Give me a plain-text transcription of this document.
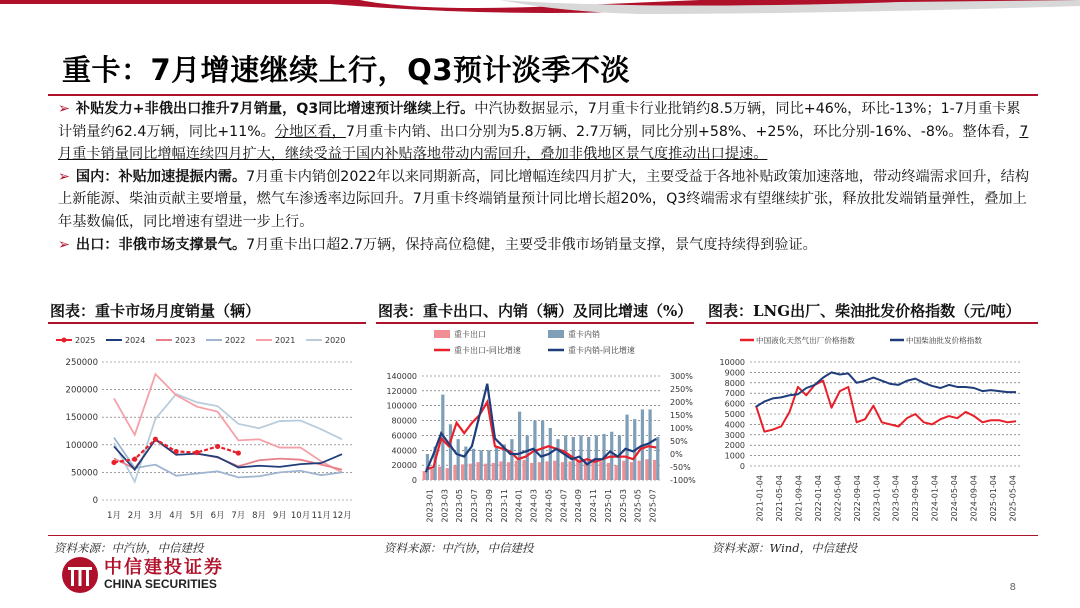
重卡：7月增速继续上行，Q3预计淡季不淡

➢ 补贴发力+非俄出口推升7月销量，Q3同比增速预计继续上行。中汽协数据显示，7月重卡行业批销约8.5万辆，同比+46%，环比-13%；1-7月重卡累计销量约62.4万辆，同比+11%。分地区看，7月重卡内销、出口分别为5.8万辆、2.7万辆，同比分别+58%、+25%，环比分别-16%、-8%。整体看，7月重卡销量同比增幅连续四月扩大，继续受益于国内补贴落地带动内需回升，叠加非俄地区景气度推动出口提速。

➢ 国内：补贴加速提振内需。7月重卡内销创2022年以来同期新高，同比增幅连续四月扩大，主要受益于各地补贴政策加速落地，带动终端需求回升，结构上新能源、柴油贡献主要增量，燃气车渗透率边际回升。7月重卡终端销量预计同比增长超20%，Q3终端需求有望继续扩张，释放批发端销量弹性，叠加上年基数偏低，同比增速有望进一步上行。

➢ 出口：非俄市场支撑景气。7月重卡出口超2.7万辆，保持高位稳健，主要受非俄市场销量支撑，景气度持续得到验证。

图表：重卡市场月度销量（辆）	图表：重卡出口、内销（辆）及同比增速（%） 图表：LNG出厂、柴油批发价格指数（元/吨）
2025	2024	2023	2022	2021	2020
0
50000
100000
150000
200000
250000
1月 2月 3月 4月 5月 6月 7月 8月 9月 10月 11月 12月
重卡出口	重卡内销
重卡出口-同比增速	重卡内销-同比增速
0
20000
40000
60000
80000
100000
120000
140000
-100%
-50%
0%
50%
100%
150%
200%
250%
300%
2023-01 2023-03 2023-05 2023-07 2023-09 2023-11 2024-01 2024-03 2024-05 2024-07 2024-09 2024-11 2025-01 2025-03 2025-05 2025-07
中国液化天然气出厂价格指数	中国柴油批发价格指数
0
1000
2000
3000
4000
5000
6000
7000
8000
9000
10000
2021-01-04 2021-05-04 2021-09-04 2022-01-04 2022-05-04 2022-09-04 2023-01-04 2023-05-04 2023-09-04 2024-01-04 2024-05-04 2024-09-04 2025-01-04 2025-05-04
资料来源：中汽协，中信建投	资料来源：中汽协，中信建投	资料来源：Wind，中信建投
中信建投证券
CHINA SECURITIES	8
